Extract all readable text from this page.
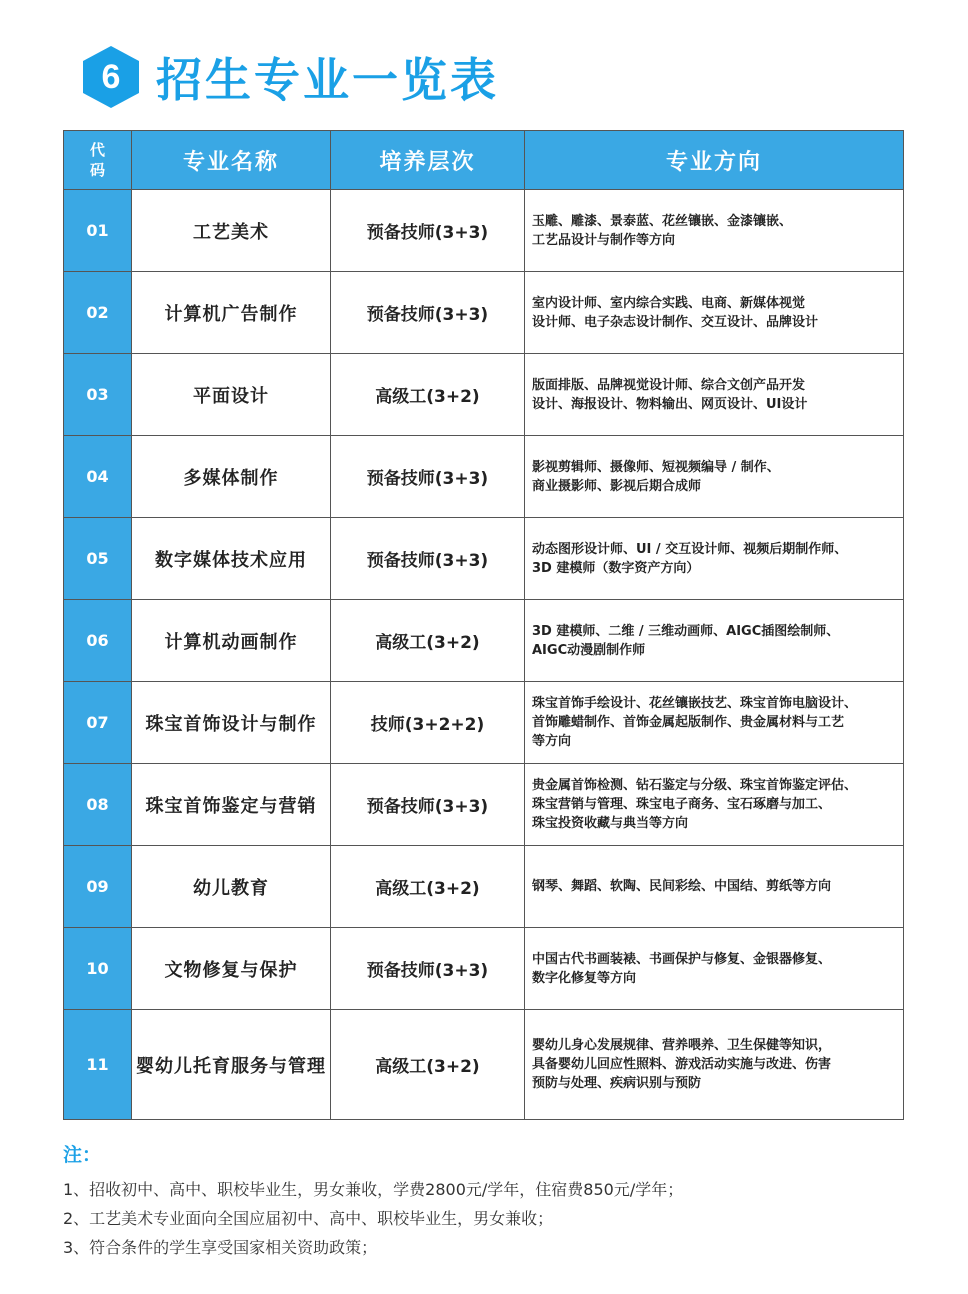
6 招生专业一览表
代
码	专业名称	培养层次	专业方向
01	工艺美术	预备技师(3+3)	玉雕、雕漆、景泰蓝、花丝镶嵌、金漆镶嵌、
工艺品设计与制作等方向
02	计算机广告制作	预备技师(3+3)	室内设计师、室内综合实践、电商、新媒体视觉
设计师、电子杂志设计制作、交互设计、品牌设计
03	平面设计	高级工(3+2)	版面排版、品牌视觉设计师、综合文创产品开发
设计、海报设计、物料输出、网页设计、UI设计
04	多媒体制作	预备技师(3+3)	影视剪辑师、摄像师、短视频编导 / 制作、
商业摄影师、影视后期合成师
05	数字媒体技术应用	预备技师(3+3)	动态图形设计师、UI / 交互设计师、视频后期制作师、
3D 建模师（数字资产方向）
06	计算机动画制作	高级工(3+2)	3D 建模师、二维 / 三维动画师、AIGC插图绘制师、
AIGC动漫剧制作师
07	珠宝首饰设计与制作	技师(3+2+2)	珠宝首饰手绘设计、花丝镶嵌技艺、珠宝首饰电脑设计、
首饰雕蜡制作、首饰金属起版制作、贵金属材料与工艺
等方向
08	珠宝首饰鉴定与营销	预备技师(3+3)	贵金属首饰检测、钻石鉴定与分级、珠宝首饰鉴定评估、
珠宝营销与管理、珠宝电子商务、宝石琢磨与加工、
珠宝投资收藏与典当等方向
09	幼儿教育	高级工(3+2)	钢琴、舞蹈、软陶、民间彩绘、中国结、剪纸等方向
10	文物修复与保护	预备技师(3+3)	中国古代书画装裱、书画保护与修复、金银器修复、
数字化修复等方向
11	婴幼儿托育服务与管理	高级工(3+2)	婴幼儿身心发展规律、营养喂养、卫生保健等知识，
具备婴幼儿回应性照料、游戏活动实施与改进、伤害
预防与处理、疾病识别与预防
注：
1、招收初中、高中、职校毕业生，男女兼收，学费2800元/学年，住宿费850元/学年；
2、工艺美术专业面向全国应届初中、高中、职校毕业生，男女兼收；
3、符合条件的学生享受国家相关资助政策；
